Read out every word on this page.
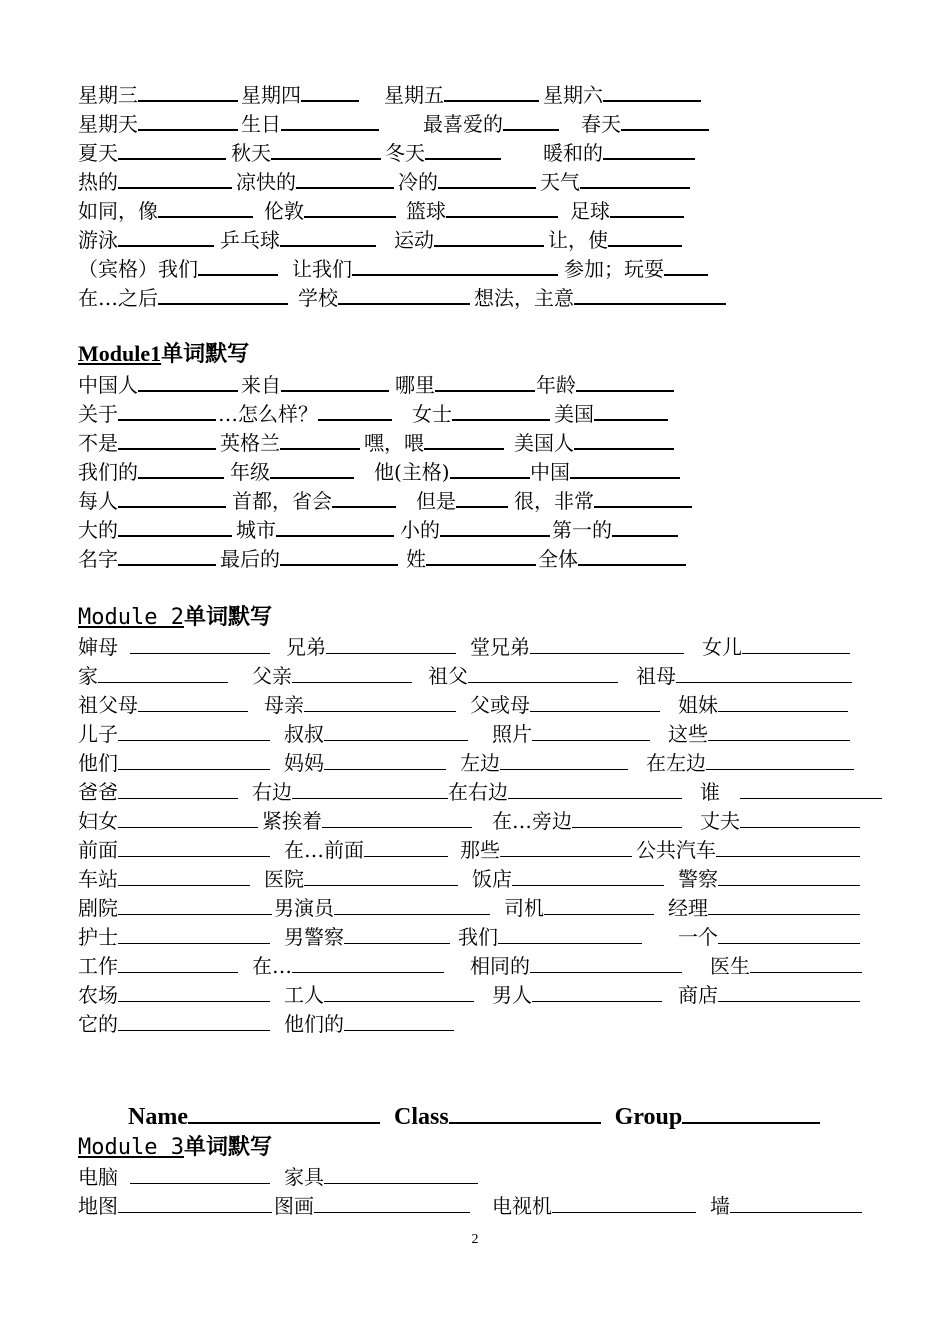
星期三	星期四	星期五	星期六
星期天	生日	最喜爱的	春天
夏天	秋天	冬天	暖和的
热的	凉快的	冷的	天气
如同，像	伦敦	篮球	足球
游泳	乒乓球	运动	让，使
（宾格）我们	让我们	参加；玩耍
在…之后	学校	想法，主意
Module1单词默写
中国人	来自	哪里	年龄
关于	…怎么样？	女士	美国
不是	英格兰	嘿，喂	美国人
我们的	年级	他(主格)	中国
每人	首都，省会	但是	很，非常
大的	城市	小的	第一的
名字	最后的	姓	全体
Module 2单词默写
婶母	兄弟	堂兄弟	女儿
家	父亲	祖父	祖母
祖父母	母亲	父或母	姐妹
儿子	叔叔	照片	这些
他们	妈妈	左边	在左边
爸爸	右边	在右边	谁
妇女	紧挨着	在…旁边	丈夫
前面	在…前面	那些	公共汽车
车站	医院	饭店	警察
剧院	男演员	司机	经理
护士	男警察	我们	一个
工作	在…	相同的	医生
农场	工人	男人	商店
它的	他们的
Name	Class	Group
Module 3单词默写
电脑	家具
地图	图画	电视机	墙
2
